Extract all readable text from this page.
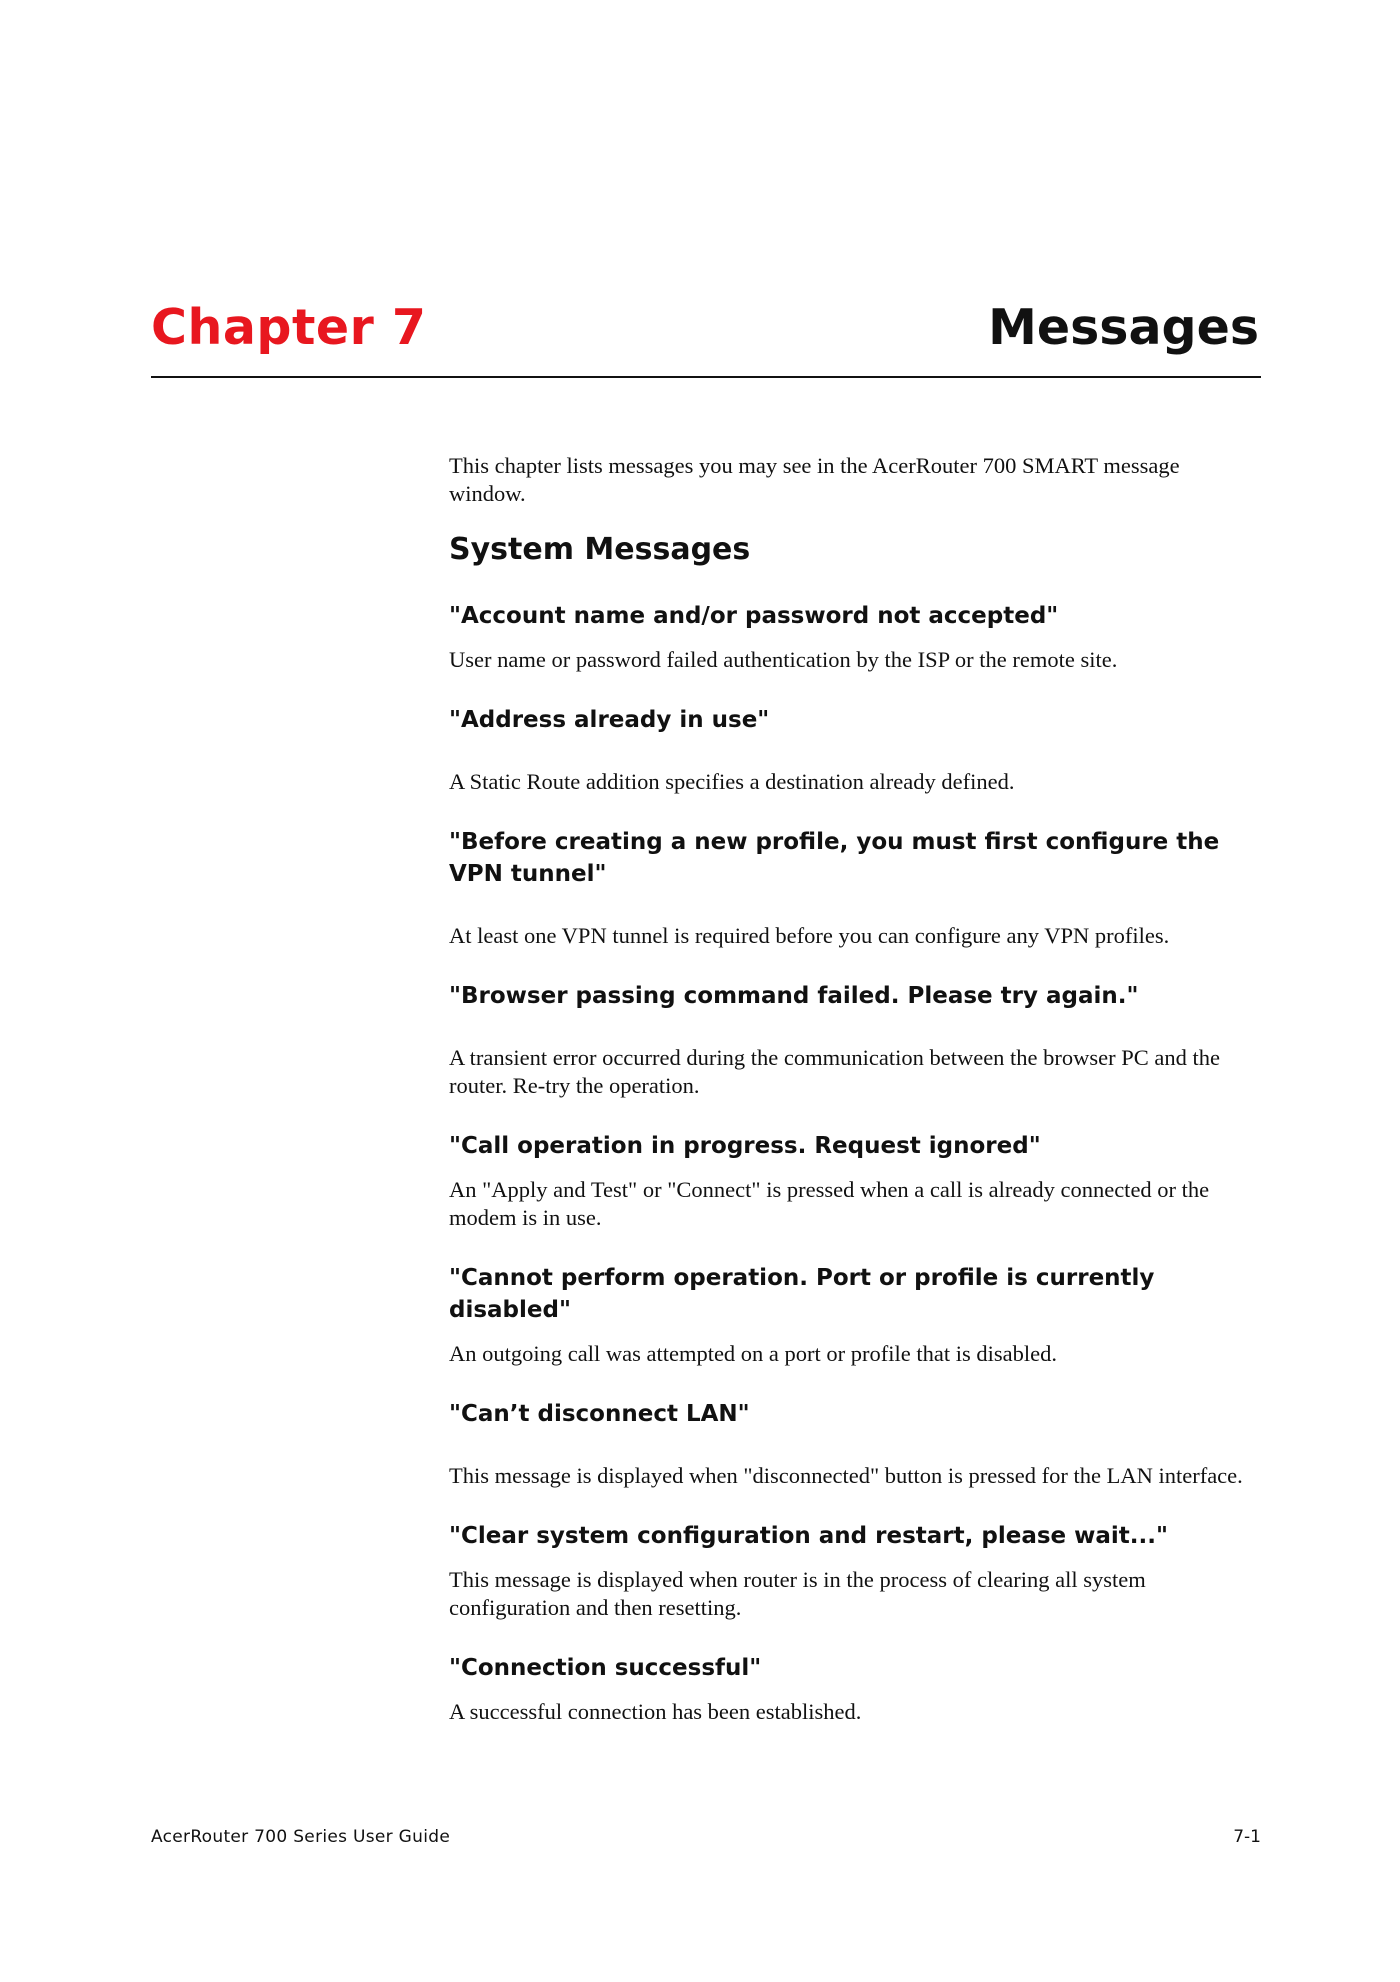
Chapter 7	Messages

This chapter lists messages you may see in the AcerRouter 700 SMART message window.

System Messages
"Account name and/or password not accepted"

User name or password failed authentication by the ISP or the remote site.

"Address already in use"

A Static Route addition specifies a destination already defined.

"Before creating a new profile, you must first configure the VPN tunnel"

At least one VPN tunnel is required before you can configure any VPN profiles.

"Browser passing command failed. Please try again."

A transient error occurred during the communication between the browser PC and the router. Re-try the operation.

"Call operation in progress. Request ignored"

An "Apply and Test" or "Connect" is pressed when a call is already connected or the modem is in use.

"Cannot perform operation. Port or profile is currently disabled"

An outgoing call was attempted on a port or profile that is disabled.

"Can’t disconnect LAN"

This message is displayed when "disconnected" button is pressed for the LAN interface.

"Clear system configuration and restart, please wait..."

This message is displayed when router is in the process of clearing all system configuration and then resetting.

"Connection successful"

A successful connection has been established.

AcerRouter 700 Series User Guide	7-1
